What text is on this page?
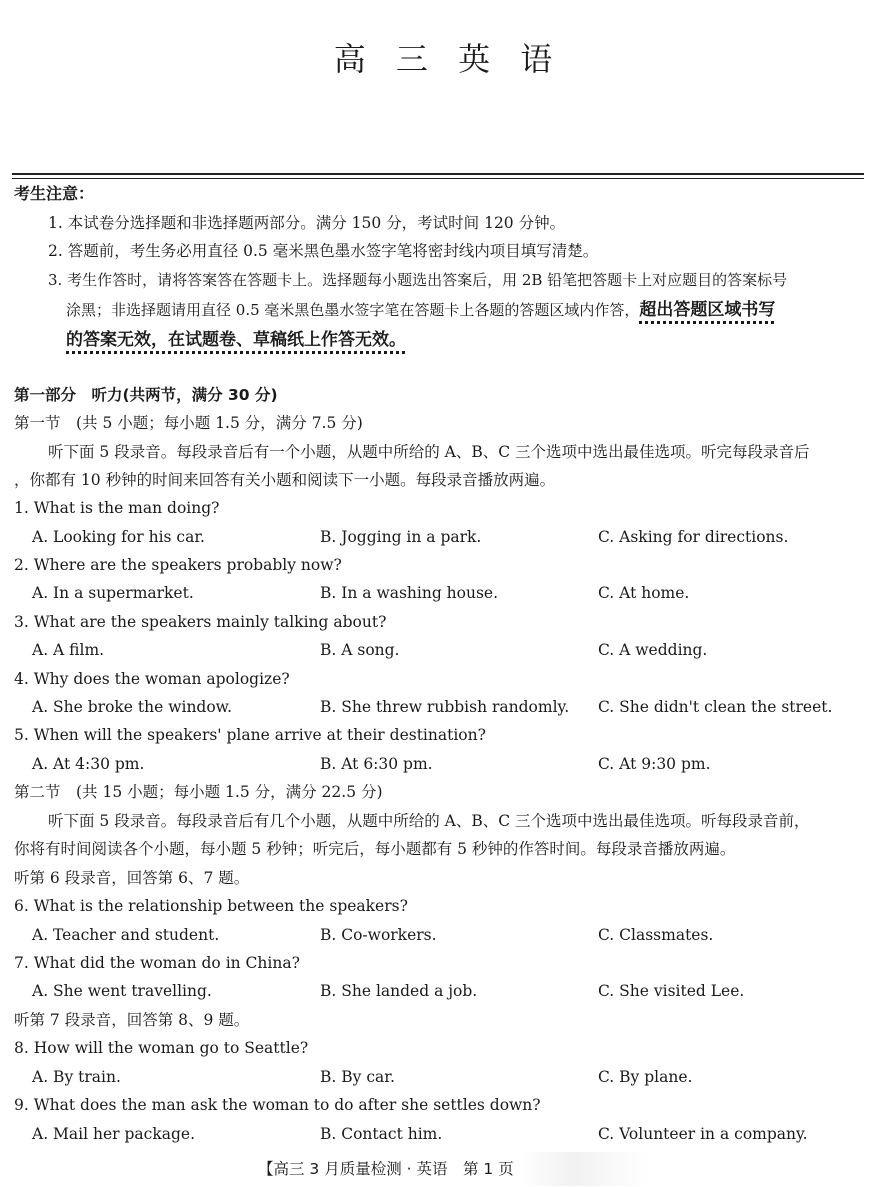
高 三 英 语
考生注意：
1. 本试卷分选择题和非选择题两部分。满分 150 分，考试时间 120 分钟。
2. 答题前，考生务必用直径 0.5 毫米黑色墨水签字笔将密封线内项目填写清楚。
3. 考生作答时，请将答案答在答题卡上。选择题每小题选出答案后，用 2B 铅笔把答题卡上对应题目的答案标号
涂黑；非选择题请用直径 0.5 毫米黑色墨水签字笔在答题卡上各题的答题区域内作答，超出答题区域书写
的答案无效，在试题卷、草稿纸上作答无效。
第一部分　听力(共两节，满分 30 分)
第一节　(共 5 小题；每小题 1.5 分，满分 7.5 分)
听下面 5 段录音。每段录音后有一个小题，从题中所给的 A、B、C 三个选项中选出最佳选项。听完每段录音后
，你都有 10 秒钟的时间来回答有关小题和阅读下一小题。每段录音播放两遍。
1. What is the man doing?
A. Looking for his car.	B. Jogging in a park.	C. Asking for directions.
2. Where are the speakers probably now?
A. In a supermarket.	B. In a washing house.	C. At home.
3. What are the speakers mainly talking about?
A. A film.	B. A song.	C. A wedding.
4. Why does the woman apologize?
A. She broke the window.	B. She threw rubbish randomly. C. She didn't clean the street.
5. When will the speakers' plane arrive at their destination?
A. At 4:30 pm.	B. At 6:30 pm.	C. At 9:30 pm.
第二节　(共 15 小题；每小题 1.5 分，满分 22.5 分)
听下面 5 段录音。每段录音后有几个小题，从题中所给的 A、B、C 三个选项中选出最佳选项。听每段录音前，
你将有时间阅读各个小题，每小题 5 秒钟；听完后，每小题都有 5 秒钟的作答时间。每段录音播放两遍。
听第 6 段录音，回答第 6、7 题。
6. What is the relationship between the speakers?
A. Teacher and student.	B. Co-workers.	C. Classmates.
7. What did the woman do in China?
A. She went travelling.	B. She landed a job.	C. She visited Lee.
听第 7 段录音，回答第 8、9 题。
8. How will the woman go to Seattle?
A. By train.	B. By car.	C. By plane.
9. What does the man ask the woman to do after she settles down?
A. Mail her package.	B. Contact him.	C. Volunteer in a company.
【高三 3 月质量检测 · 英语　第 1 页
